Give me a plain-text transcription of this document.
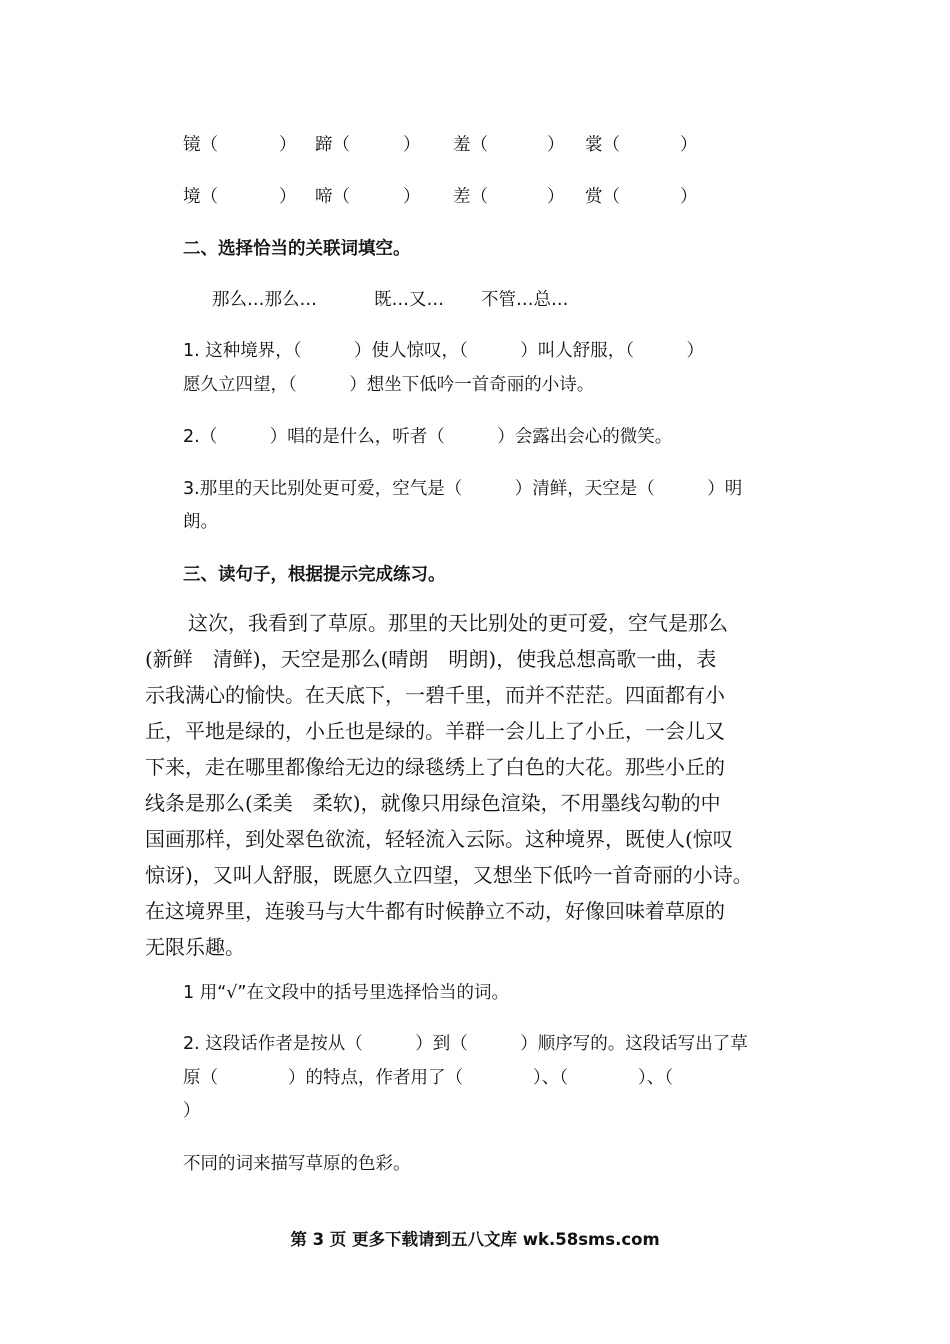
镜（	） 蹄（	） 羞（	） 裳（	）
境（	） 啼（	） 差（	） 赏（	）
二、选择恰当的关联词填空。
那么…那么…	既…又… 不管…总…
1. 这种境界，（　　　）使人惊叹，（　　　）叫人舒服，（　　　）
愿久立四望，（　　　）想坐下低吟一首奇丽的小诗。
2.（　　　）唱的是什么，听者（　　　）会露出会心的微笑。
3.那里的天比别处更可爱，空气是（　　　）清鲜，天空是（　　　）明
朗。
三、读句子，根据提示完成练习。
这次，我看到了草原。那里的天比别处的更可爱，空气是那么
(新鲜　清鲜)，天空是那么(晴朗　明朗)，使我总想高歌一曲，表
示我满心的愉快。在天底下，一碧千里，而并不茫茫。四面都有小
丘，平地是绿的，小丘也是绿的。羊群一会儿上了小丘，一会儿又
下来，走在哪里都像给无边的绿毯绣上了白色的大花。那些小丘的
线条是那么(柔美　柔软)，就像只用绿色渲染，不用墨线勾勒的中
国画那样，到处翠色欲流，轻轻流入云际。这种境界，既使人(惊叹
惊讶)，又叫人舒服，既愿久立四望，又想坐下低吟一首奇丽的小诗。
在这境界里，连骏马与大牛都有时候静立不动，好像回味着草原的
无限乐趣。
1 用“√”在文段中的括号里选择恰当的词。
2. 这段话作者是按从（　　　）到（　　　）顺序写的。这段话写出了草
原（　　　　）的特点，作者用了（　　　　）、（　　　　）、（
）
不同的词来描写草原的色彩。
第 3 页 更多下载请到五八文库 wk.58sms.com
